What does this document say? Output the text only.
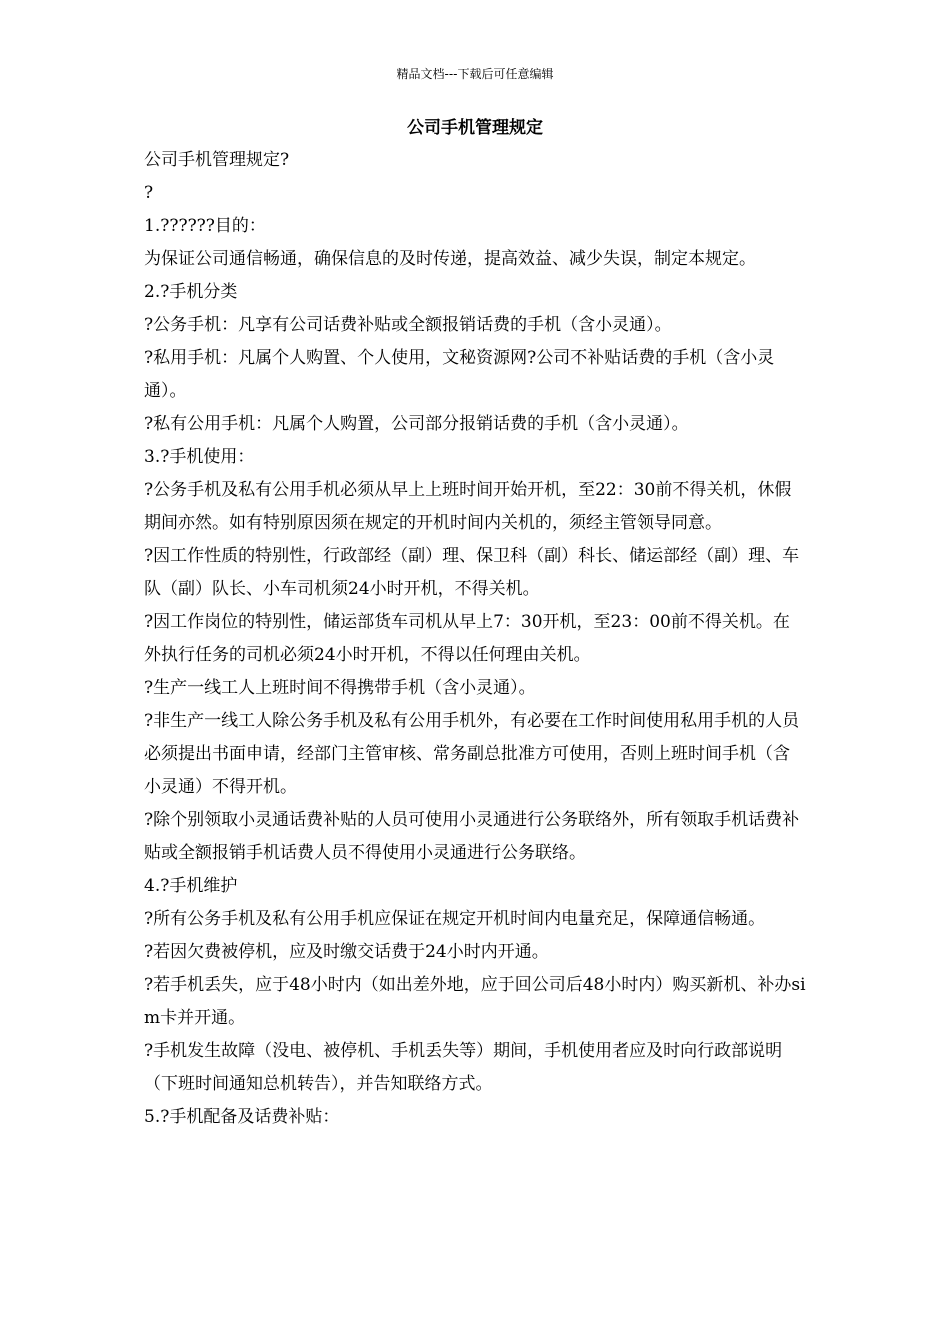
精品文档---下载后可任意编辑
公司手机管理规定

公司手机管理规定?

?

1.??????目的：

为保证公司通信畅通，确保信息的及时传递，提高效益、减少失误，制定本规定。

2.?手机分类

?公务手机：凡享有公司话费补贴或全额报销话费的手机（含小灵通）。

?私用手机：凡属个人购置、个人使用，文秘资源网?公司不补贴话费的手机（含小灵通）。

?私有公用手机：凡属个人购置，公司部分报销话费的手机（含小灵通）。

3.?手机使用：

?公务手机及私有公用手机必须从早上上班时间开始开机，至22：30前不得关机，休假期间亦然。如有特别原因须在规定的开机时间内关机的，须经主管领导同意。

?因工作性质的特别性，行政部经（副）理、保卫科（副）科长、储运部经（副）理、车队（副）队长、小车司机须24小时开机，不得关机。

?因工作岗位的特别性，储运部货车司机从早上7：30开机，至23：00前不得关机。在外执行任务的司机必须24小时开机，不得以任何理由关机。

?生产一线工人上班时间不得携带手机（含小灵通）。

?非生产一线工人除公务手机及私有公用手机外，有必要在工作时间使用私用手机的人员必须提出书面申请，经部门主管审核、常务副总批准方可使用，否则上班时间手机（含小灵通）不得开机。

?除个别领取小灵通话费补贴的人员可使用小灵通进行公务联络外，所有领取手机话费补贴或全额报销手机话费人员不得使用小灵通进行公务联络。

4.?手机维护

?所有公务手机及私有公用手机应保证在规定开机时间内电量充足，保障通信畅通。

?若因欠费被停机，应及时缴交话费于24小时内开通。

?若手机丢失，应于48小时内（如出差外地，应于回公司后48小时内）购买新机、补办sim卡并开通。

?手机发生故障（没电、被停机、手机丢失等）期间，手机使用者应及时向行政部说明（下班时间通知总机转告），并告知联络方式。

5.?手机配备及话费补贴：
